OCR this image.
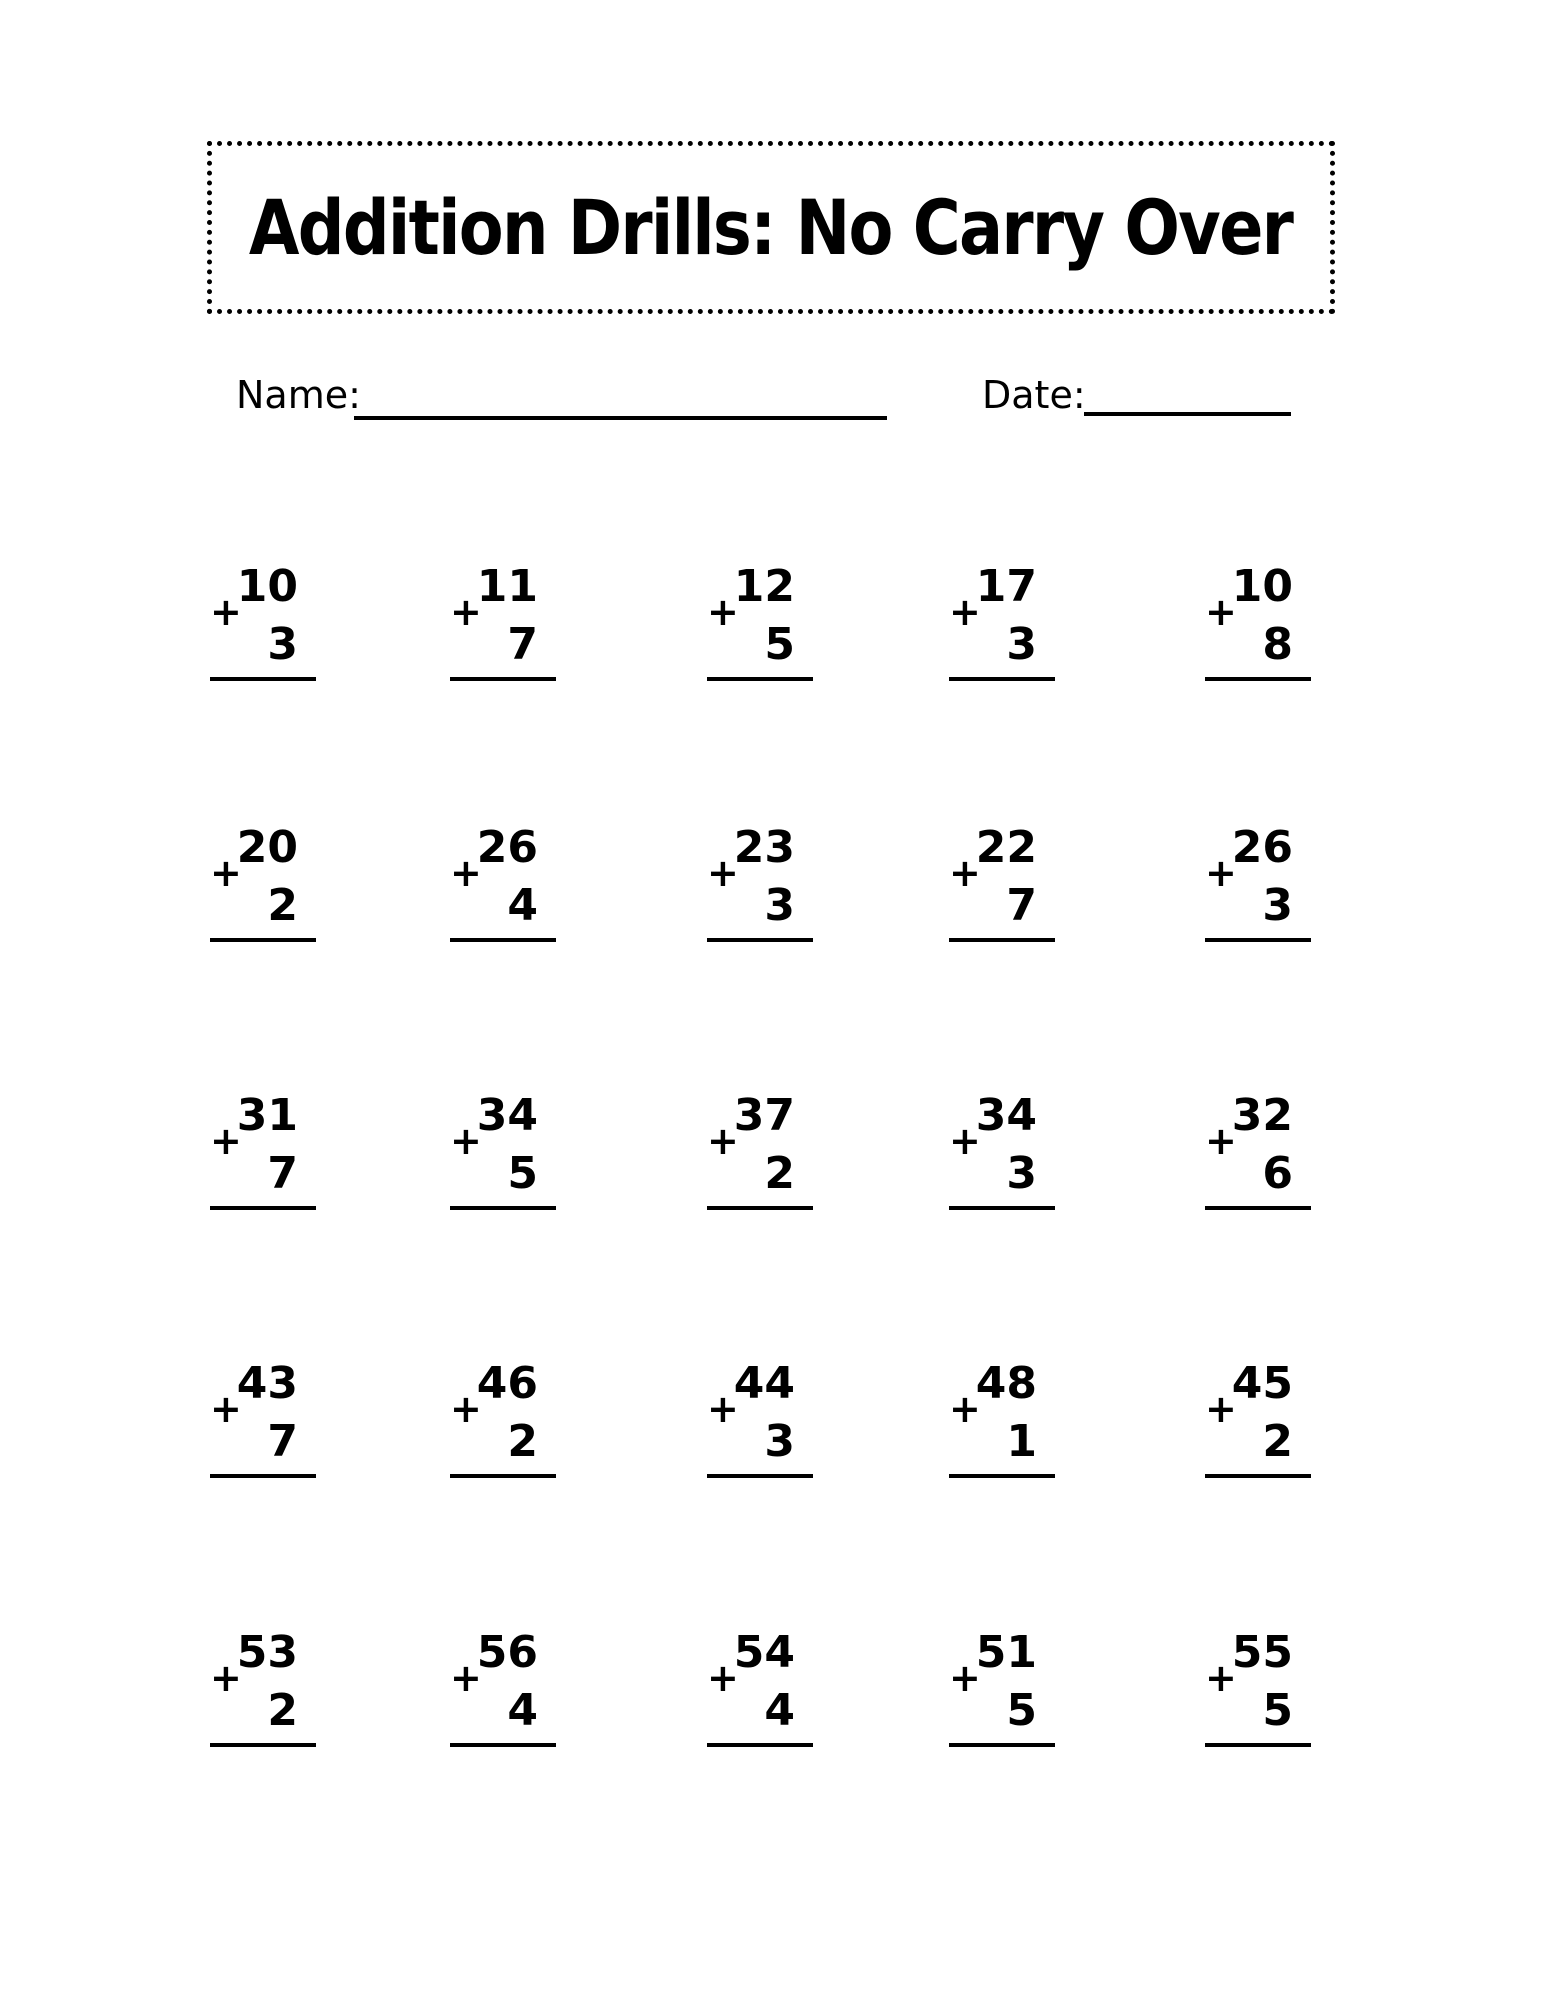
Addition Drills: No Carry Over
Name:	Date:
10
+
3
11
+
7
12
+
5
17
+
3
10
+
8
20
+
2
26
+
4
23
+
3
22
+
7
26
+
3
31
+
7
34
+
5
37
+
2
34
+
3
32
+
6
43
+
7
46
+
2
44
+
3
48
+
1
45
+
2
53
+
2
56
+
4
54
+
4
51
+
5
55
+
5
